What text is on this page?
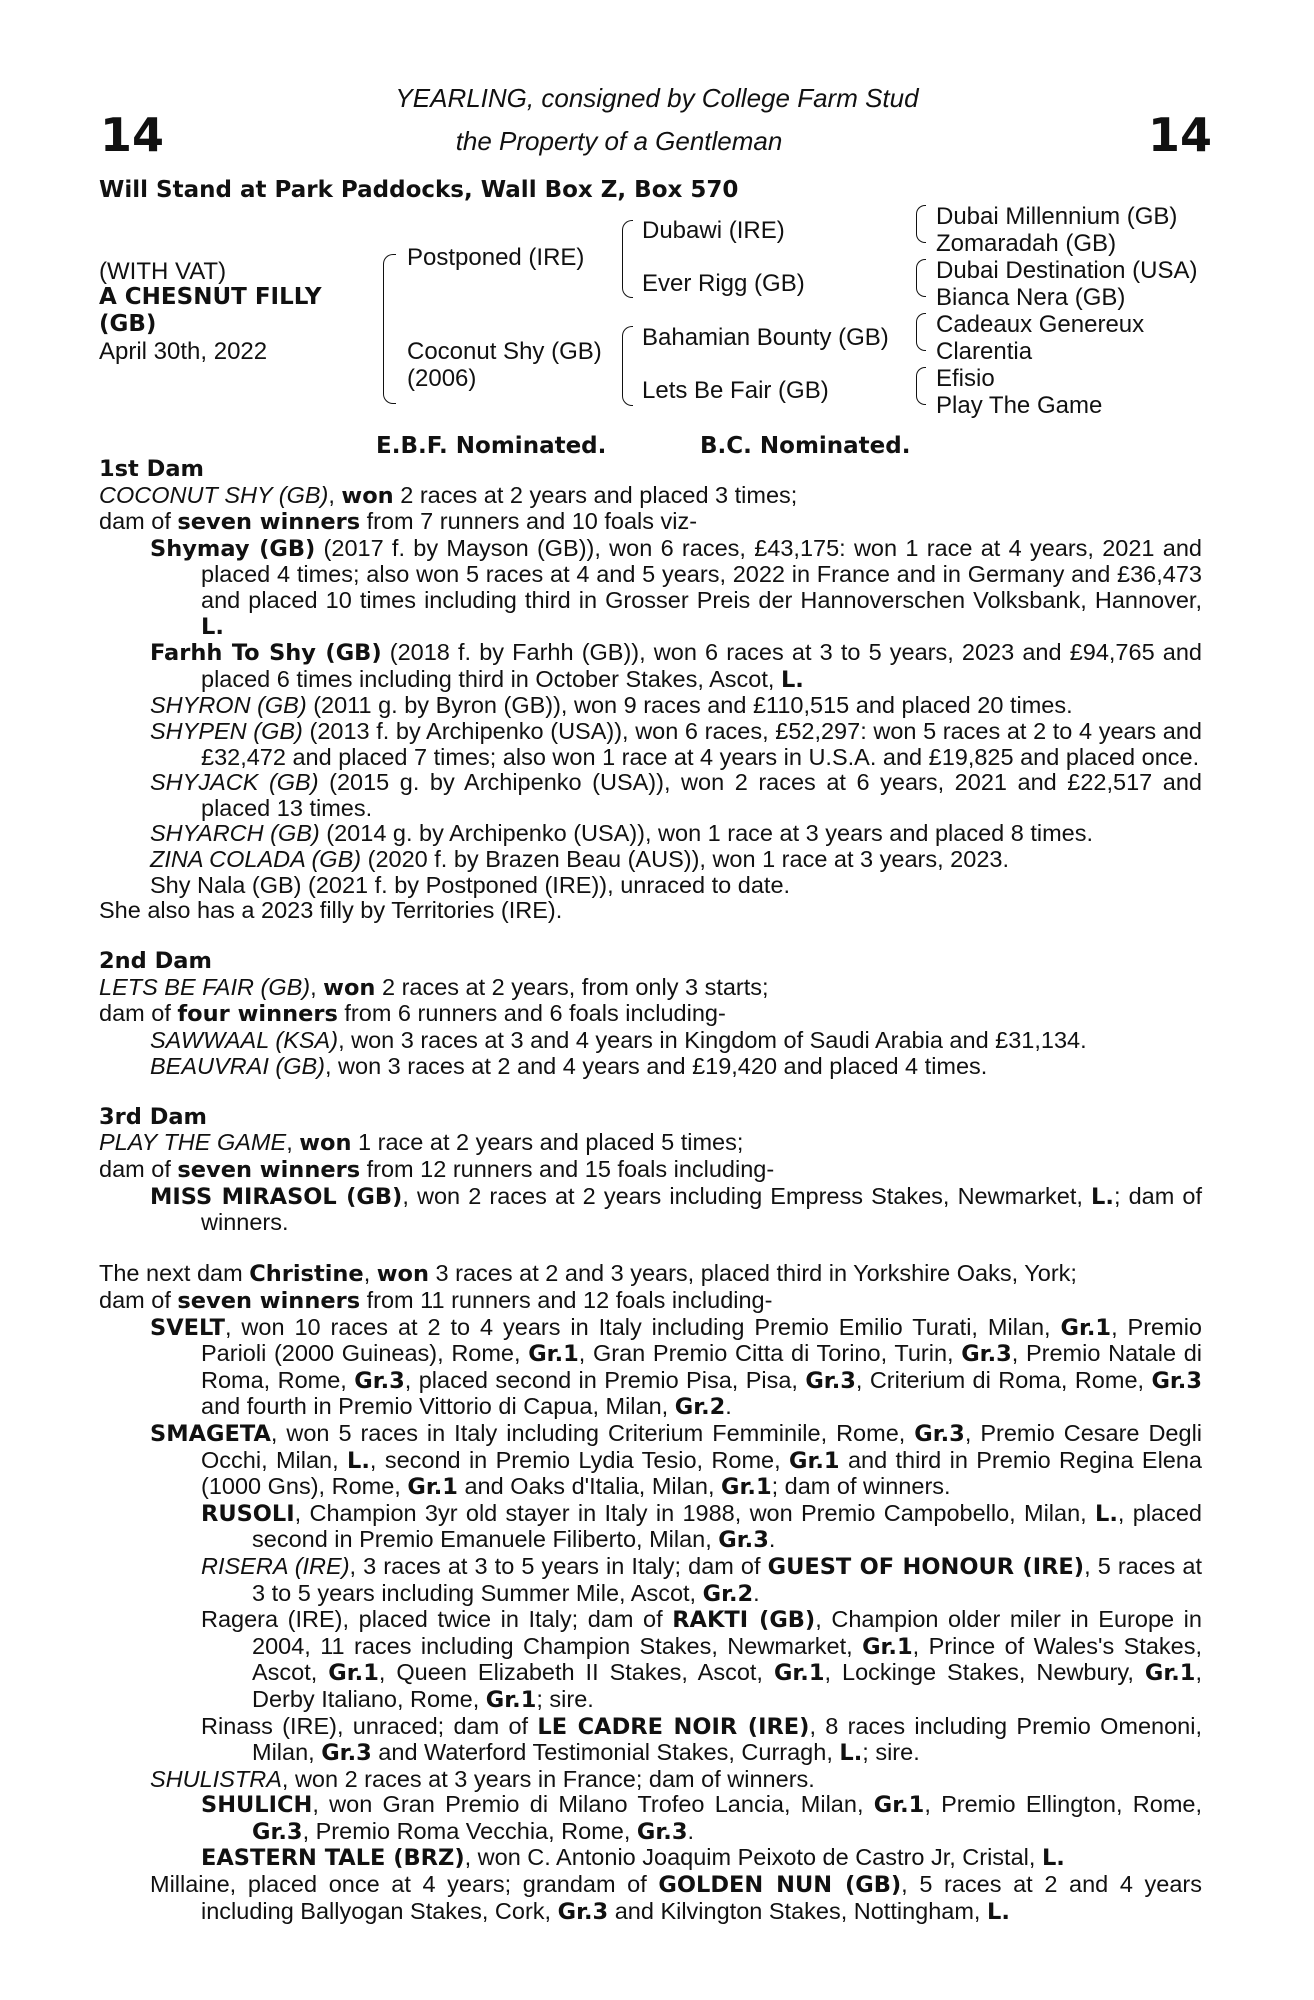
14	14
YEARLING, consigned by College Farm Stud
the Property of a Gentleman
Will Stand at Park Paddocks, Wall Box Z, Box 570
(WITH VAT)
A CHESNUT FILLY
(GB)
April 30th, 2022
Postponed (IRE)
Coconut Shy (GB)
(2006)
Dubawi (IRE)
Ever Rigg (GB)
Bahamian Bounty (GB)
Lets Be Fair (GB)
Dubai Millennium (GB)
Zomaradah (GB)
Dubai Destination (USA)
Bianca Nera (GB)
Cadeaux Genereux
Clarentia
Efisio
Play The Game
E.B.F. Nominated.	B.C. Nominated.
1st Dam

COCONUT SHY (GB), won 2 races at 2 years and placed 3 times;

dam of seven winners from 7 runners and 10 foals viz-

Shymay (GB) (2017 f. by Mayson (GB)), won 6 races, £43,175: won 1 race at 4 years, 2021 and placed 4 times; also won 5 races at 4 and 5 years, 2022 in France and in Germany and £36,473 and placed 10 times including third in Grosser Preis der Hannoverschen Volksbank, Hannover, L.

Farhh To Shy (GB) (2018 f. by Farhh (GB)), won 6 races at 3 to 5 years, 2023 and £94,765 and placed 6 times including third in October Stakes, Ascot, L.

SHYRON (GB) (2011 g. by Byron (GB)), won 9 races and £110,515 and placed 20 times.

SHYPEN (GB) (2013 f. by Archipenko (USA)), won 6 races, £52,297: won 5 races at 2 to 4 years and £32,472 and placed 7 times; also won 1 race at 4 years in U.S.A. and £19,825 and placed once.

SHYJACK (GB) (2015 g. by Archipenko (USA)), won 2 races at 6 years, 2021 and £22,517 and placed 13 times.

SHYARCH (GB) (2014 g. by Archipenko (USA)), won 1 race at 3 years and placed 8 times.

ZINA COLADA (GB) (2020 f. by Brazen Beau (AUS)), won 1 race at 3 years, 2023.

Shy Nala (GB) (2021 f. by Postponed (IRE)), unraced to date.

She also has a 2023 filly by Territories (IRE).

2nd Dam

LETS BE FAIR (GB), won 2 races at 2 years, from only 3 starts;

dam of four winners from 6 runners and 6 foals including-

SAWWAAL (KSA), won 3 races at 3 and 4 years in Kingdom of Saudi Arabia and £31,134.

BEAUVRAI (GB), won 3 races at 2 and 4 years and £19,420 and placed 4 times.

3rd Dam

PLAY THE GAME, won 1 race at 2 years and placed 5 times;

dam of seven winners from 12 runners and 15 foals including-

MISS MIRASOL (GB), won 2 races at 2 years including Empress Stakes, Newmarket, L.; dam of winners.

The next dam Christine, won 3 races at 2 and 3 years, placed third in Yorkshire Oaks, York;

dam of seven winners from 11 runners and 12 foals including-

SVELT, won 10 races at 2 to 4 years in Italy including Premio Emilio Turati, Milan, Gr.1, Premio Parioli (2000 Guineas), Rome, Gr.1, Gran Premio Citta di Torino, Turin, Gr.3, Premio Natale di Roma, Rome, Gr.3, placed second in Premio Pisa, Pisa, Gr.3, Criterium di Roma, Rome, Gr.3 and fourth in Premio Vittorio di Capua, Milan, Gr.2.

SMAGETA, won 5 races in Italy including Criterium Femminile, Rome, Gr.3, Premio Cesare Degli Occhi, Milan, L., second in Premio Lydia Tesio, Rome, Gr.1 and third in Premio Regina Elena (1000 Gns), Rome, Gr.1 and Oaks d'Italia, Milan, Gr.1; dam of winners.

RUSOLI, Champion 3yr old stayer in Italy in 1988, won Premio Campobello, Milan, L., placed second in Premio Emanuele Filiberto, Milan, Gr.3.

RISERA (IRE), 3 races at 3 to 5 years in Italy; dam of GUEST OF HONOUR (IRE), 5 races at 3 to 5 years including Summer Mile, Ascot, Gr.2.

Ragera (IRE), placed twice in Italy; dam of RAKTI (GB), Champion older miler in Europe in 2004, 11 races including Champion Stakes, Newmarket, Gr.1, Prince of Wales's Stakes, Ascot, Gr.1, Queen Elizabeth II Stakes, Ascot, Gr.1, Lockinge Stakes, Newbury, Gr.1, Derby Italiano, Rome, Gr.1; sire.

Rinass (IRE), unraced; dam of LE CADRE NOIR (IRE), 8 races including Premio Omenoni, Milan, Gr.3 and Waterford Testimonial Stakes, Curragh, L.; sire.

SHULISTRA, won 2 races at 3 years in France; dam of winners.

SHULICH, won Gran Premio di Milano Trofeo Lancia, Milan, Gr.1, Premio Ellington, Rome, Gr.3, Premio Roma Vecchia, Rome, Gr.3.

EASTERN TALE (BRZ), won C. Antonio Joaquim Peixoto de Castro Jr, Cristal, L.

Millaine, placed once at 4 years; grandam of GOLDEN NUN (GB), 5 races at 2 and 4 years including Ballyogan Stakes, Cork, Gr.3 and Kilvington Stakes, Nottingham, L.
